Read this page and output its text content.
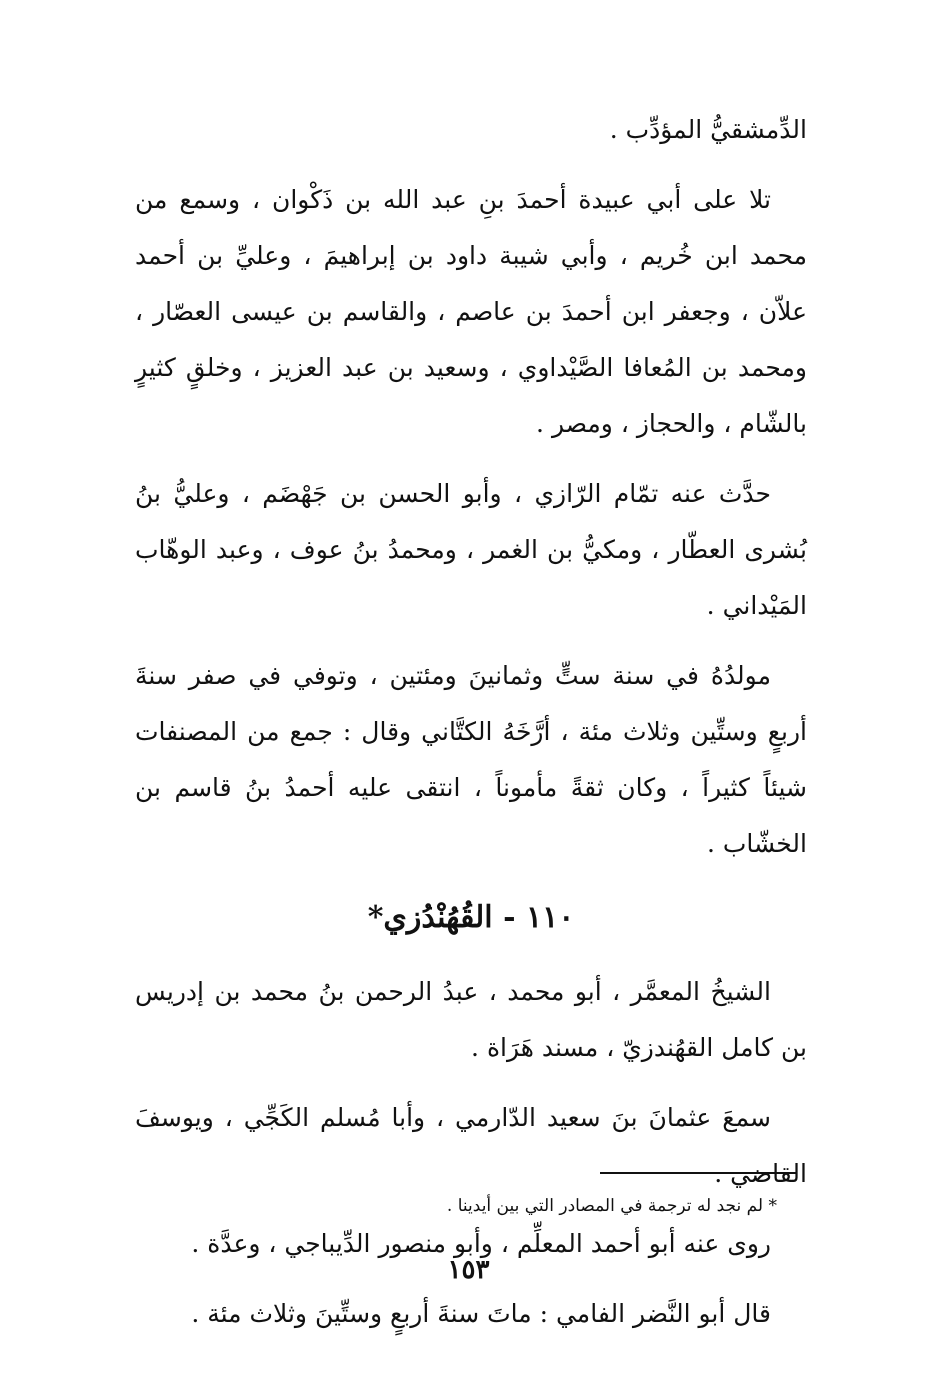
الدِّمشقيُّ المؤدِّب .

تلا على أبي عبيدة أحمدَ بنِ عبد الله بن ذَكْوان ، وسمع من محمد ابن خُريم ، وأبي شيبة داود بن إبراهيمَ ، وعليِّ بن أحمد علاّن ، وجعفر ابن أحمدَ بن عاصم ، والقاسم بن عيسى العصّار ، ومحمد بن المُعافا الصَّيْداوي ، وسعيد بن عبد العزيز ، وخلقٍ كثيرٍ بالشّام ، والحجاز ، ومصر .

حدَّث عنه تمّام الرّازي ، وأبو الحسن بن جَهْضَم ، وعليُّ بنُ بُشرى العطّار ، ومكيُّ بن الغمر ، ومحمدُ بنُ عوف ، وعبد الوهّاب المَيْداني .

مولدُهُ في سنة ستٍّ وثمانينَ ومئتين ، وتوفي في صفر سنةَ أربعٍ وستِّين وثلاث مئة ، أرَّخَهُ الكتَّاني وقال : جمع من المصنفات شيئاً كثيراً ، وكان ثقةً مأموناً ، انتقى عليه أحمدُ بنُ قاسم بن الخشّاب .

١١٠ - القُهُنْدُزي*

الشيخُ المعمَّر ، أبو محمد ، عبدُ الرحمن بنُ محمد بن إدريس بن كامل القهُندزيّ ، مسند هَرَاة .

سمعَ عثمانَ بنَ سعيد الدّارمي ، وأبا مُسلم الكَجِّي ، ويوسفَ القاضي .

روى عنه أبو أحمد المعلِّم ، وأبو منصور الدِّيباجي ، وعدَّة .

قال أبو النَّضر الفامي : ماتَ سنةَ أربعٍ وستِّينَ وثلاث مئة .

* لم نجد له ترجمة في المصادر التي بين أيدينا .

١٥٣
